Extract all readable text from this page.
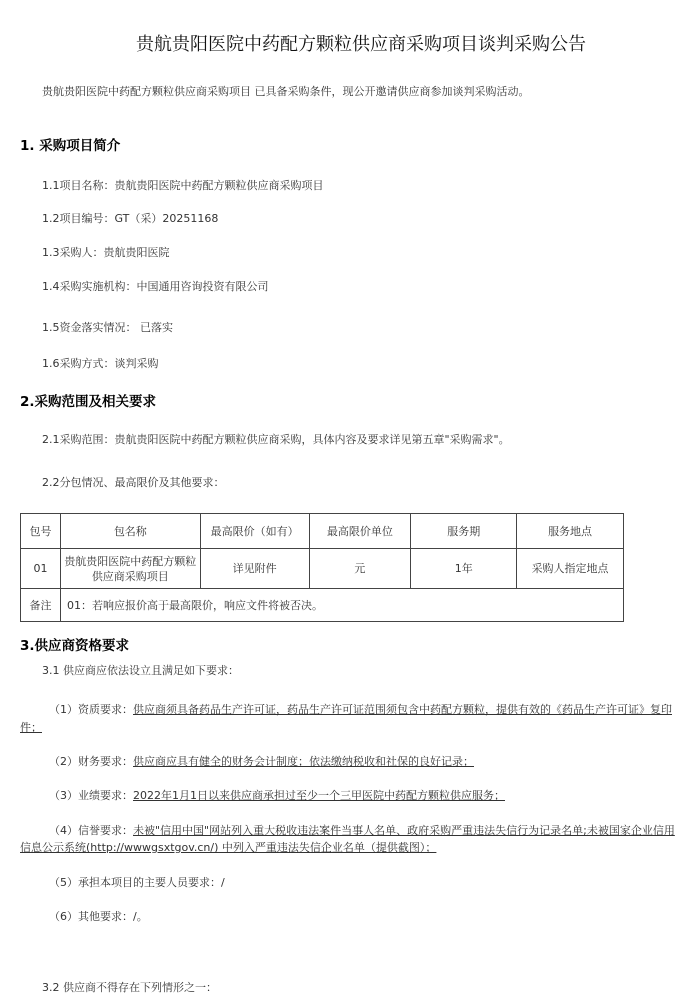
贵航贵阳医院中药配方颗粒供应商采购项目谈判采购公告
贵航贵阳医院中药配方颗粒供应商采购项目 已具备采购条件，现公开邀请供应商参加谈判采购活动。
1. 采购项目简介
1.1项目名称：贵航贵阳医院中药配方颗粒供应商采购项目
1.2项目编号：GT（采）20251168
1.3采购人：贵航贵阳医院
1.4采购实施机构：中国通用咨询投资有限公司
1.5资金落实情况： 已落实
1.6采购方式：谈判采购
2.采购范围及相关要求
2.1采购范围：贵航贵阳医院中药配方颗粒供应商采购，具体内容及要求详见第五章"采购需求"。
2.2分包情况、最高限价及其他要求：
包号	包名称	最高限价（如有）	最高限价单位	服务期	服务地点
01	贵航贵阳医院中药配方颗粒供应商采购项目	详见附件	元	1年	采购人指定地点
备注	01：若响应报价高于最高限价，响应文件将被否决。				
3.供应商资格要求
3.1 供应商应依法设立且满足如下要求：
（1）资质要求：供应商须具备药品生产许可证，药品生产许可证范围须包含中药配方颗粒，提供有效的《药品生产许可证》复印
件；
（2）财务要求：供应商应具有健全的财务会计制度；依法缴纳税收和社保的良好记录；
（3）业绩要求：2022年1月1日以来供应商承担过至少一个三甲医院中药配方颗粒供应服务；
（4）信誉要求：未被"信用中国"网站列入重大税收违法案件当事人名单、政府采购严重违法失信行为记录名单;未被国家企业信用
信息公示系统(http://wwwgsxtgov.cn/) 中列入严重违法失信企业名单（提供截图）；
（5）承担本项目的主要人员要求：/
（6）其他要求：/。
3.2 供应商不得存在下列情形之一：
